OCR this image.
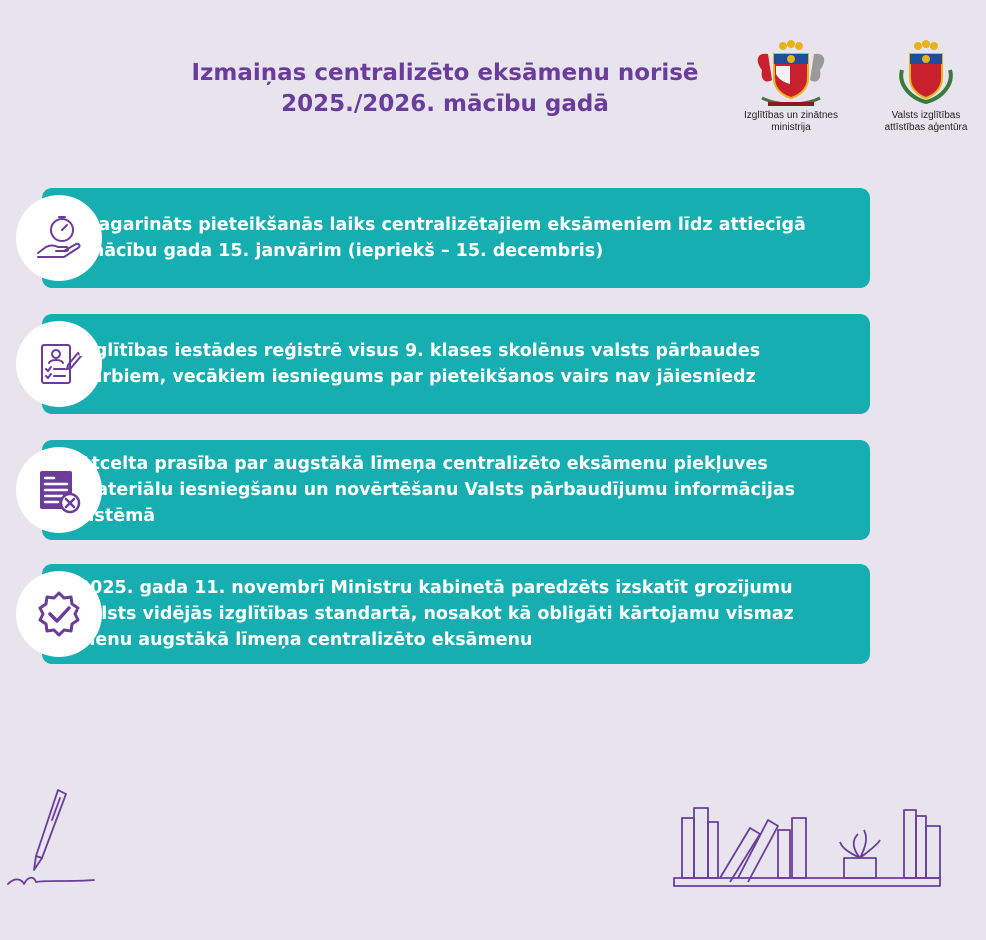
Izmaiņas centralizēto eksāmenu norisē
2025./2026. mācību gadā	Izglītības un zinātnes
ministrija
Valsts izglītības
attīstības aģentūra
Pagarināts pieteikšanās laiks centralizētajiem eksāmeniem līdz attiecīgā mācību gada 15. janvārim (iepriekš – 15. decembris)
Izglītības iestādes reģistrē visus 9. klases skolēnus valsts pārbaudes darbiem, vecākiem iesniegums par pieteikšanos vairs nav jāiesniedz
Atcelta prasība par augstākā līmeņa centralizēto eksāmenu piekļuves materiālu iesniegšanu un novērtēšanu Valsts pārbaudījumu informācijas sistēmā
2025. gada 11. novembrī Ministru kabinetā paredzēts izskatīt grozījumu valsts vidējās izglītības standartā, nosakot kā obligāti kārtojamu vismaz vienu augstākā līmeņa centralizēto eksāmenu
